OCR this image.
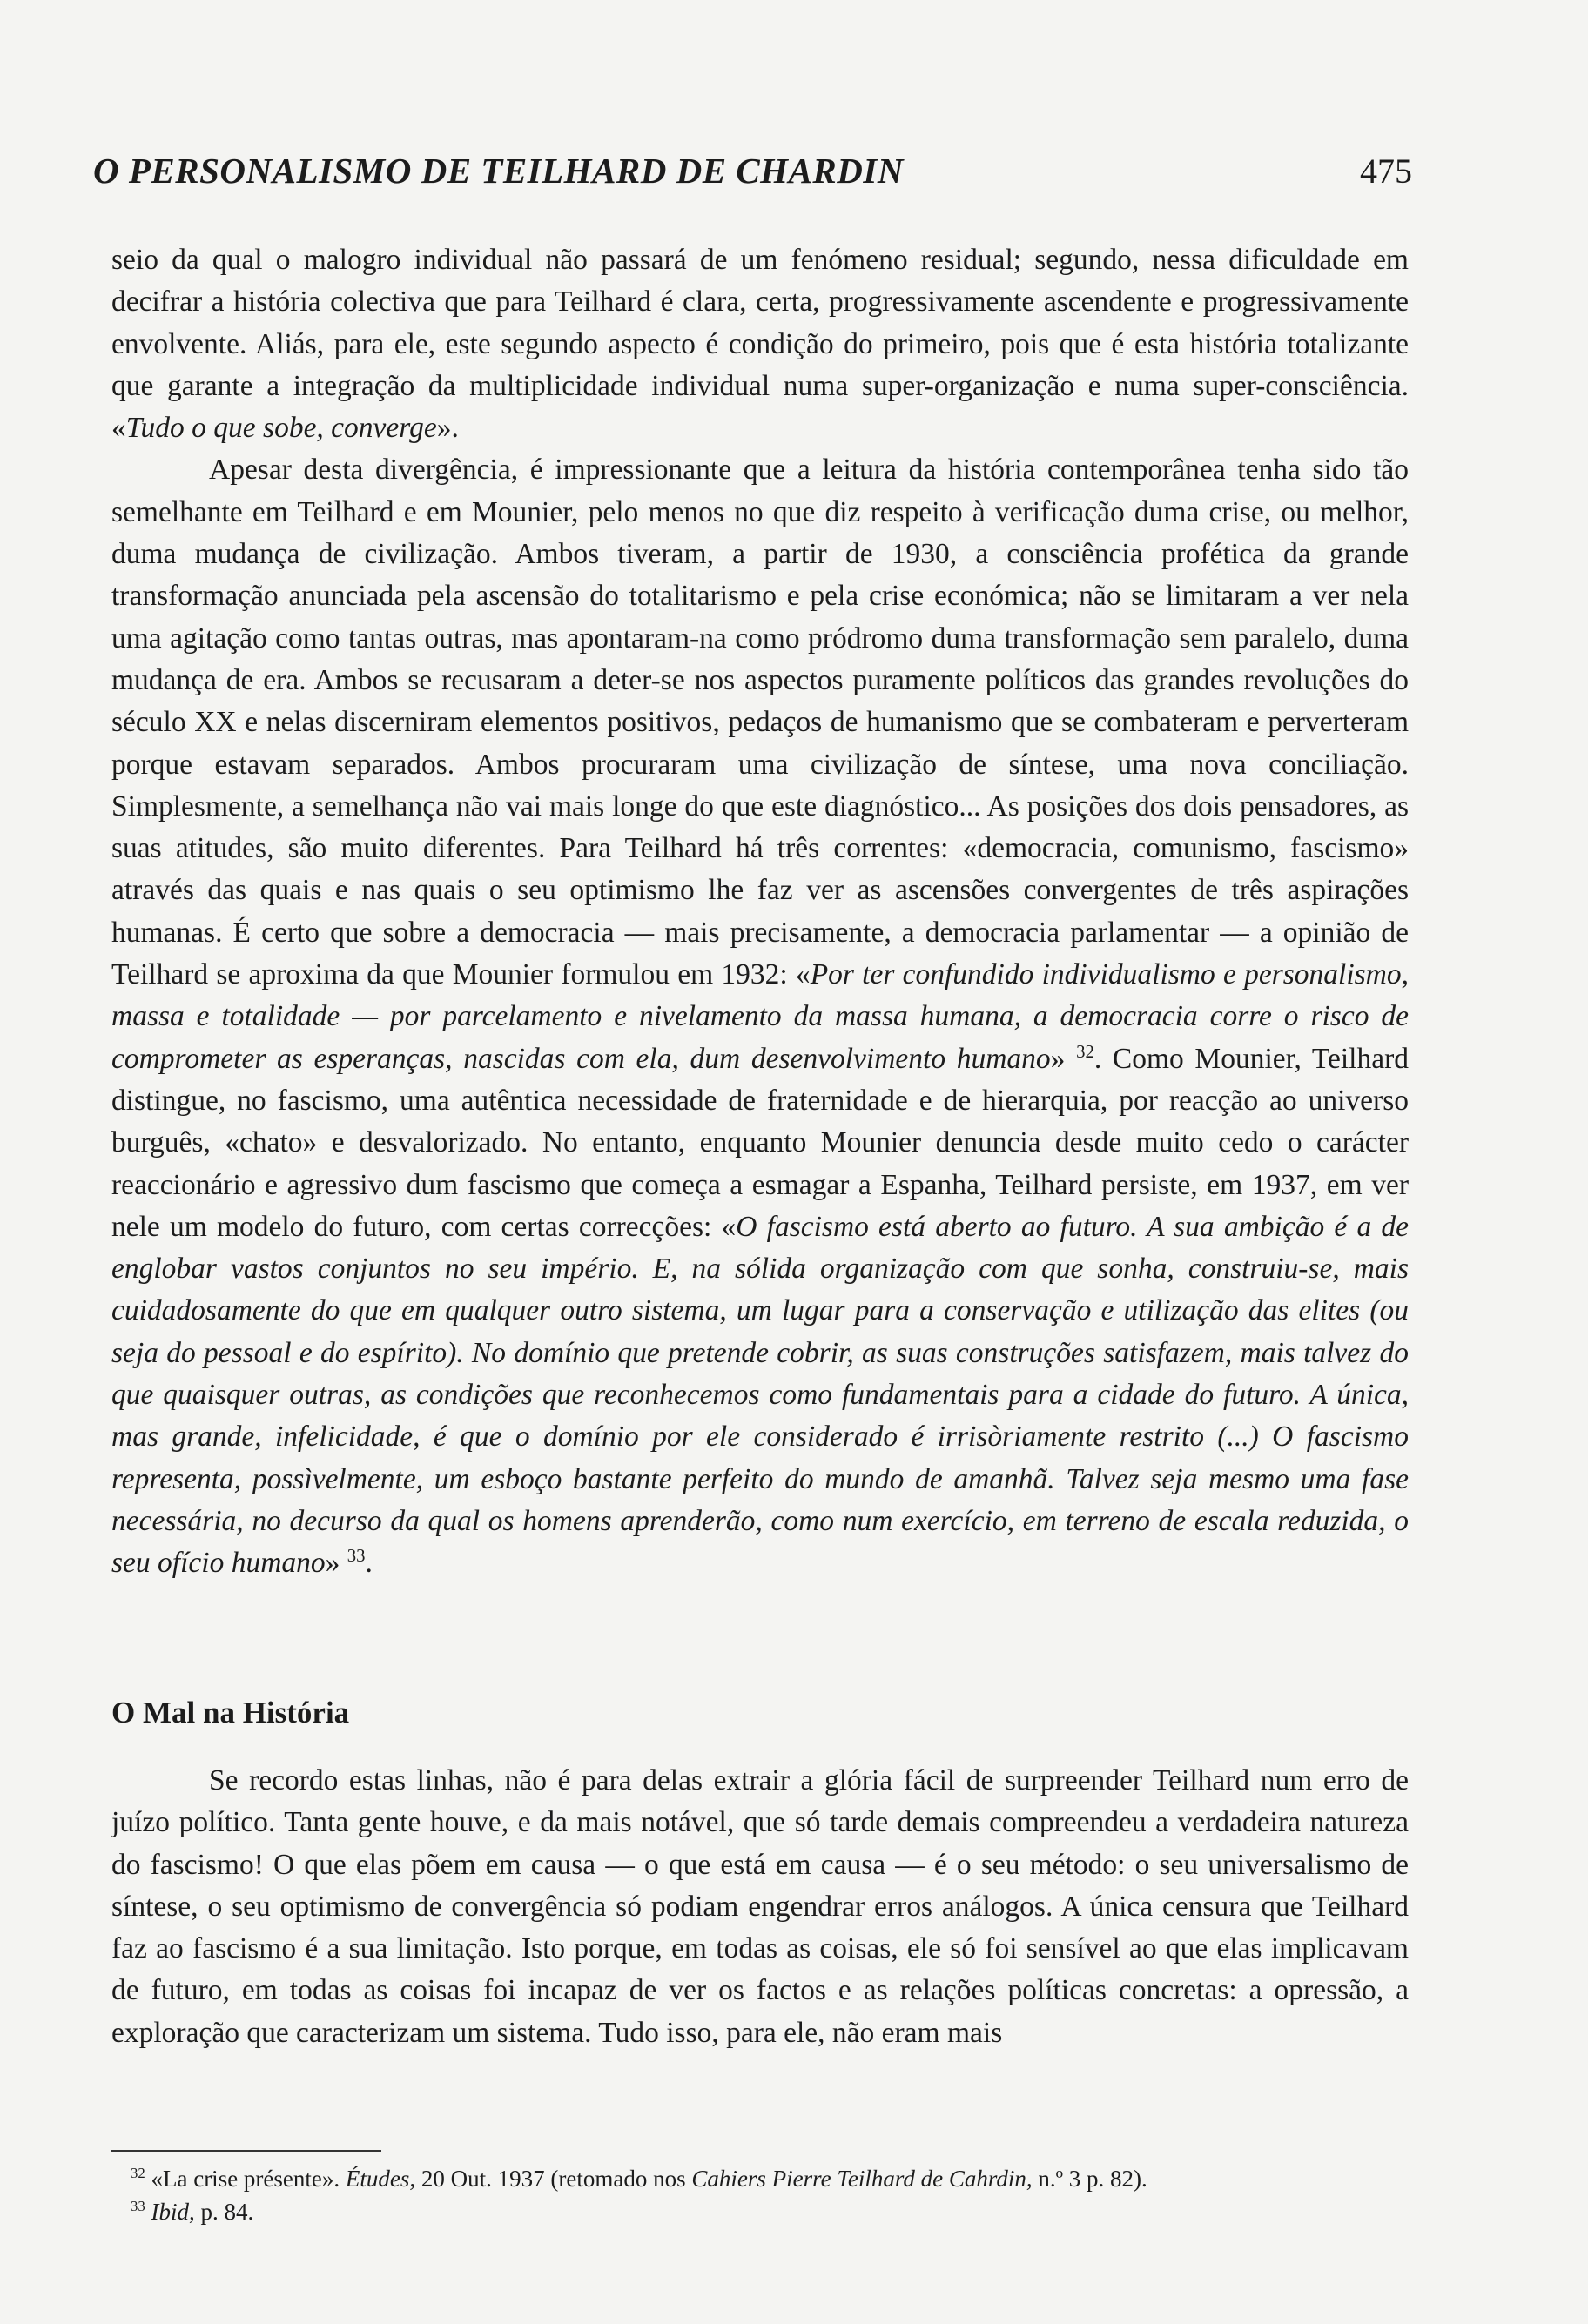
O PERSONALISMO DE TEILHARD DE CHARDIN	475

seio da qual o malogro individual não passará de um fenómeno residual; segundo, nessa dificuldade em decifrar a história colectiva que para Teilhard é clara, certa, progressivamente ascendente e progressivamente envolvente. Aliás, para ele, este segundo aspecto é condição do primeiro, pois que é esta história totalizante que garante a integração da multiplicidade individual numa super-organização e numa super-consciência. «Tudo o que sobe, converge».

Apesar desta divergência, é impressionante que a leitura da história contemporânea tenha sido tão semelhante em Teilhard e em Mounier, pelo menos no que diz respeito à verificação duma crise, ou melhor, duma mudança de civilização. Ambos tiveram, a partir de 1930, a consciência profética da grande transformação anunciada pela ascensão do totalitarismo e pela crise económica; não se limitaram a ver nela uma agitação como tantas outras, mas apontaram-na como pródromo duma transformação sem paralelo, duma mudança de era. Ambos se recusaram a deter-se nos aspectos puramente políticos das grandes revoluções do século XX e nelas discerniram elementos positivos, pedaços de humanismo que se combateram e perverteram porque estavam separados. Ambos procuraram uma civilização de síntese, uma nova conciliação. Simplesmente, a semelhança não vai mais longe do que este diagnóstico... As posições dos dois pensadores, as suas atitudes, são muito diferentes. Para Teilhard há três correntes: «democracia, comunismo, fascismo» através das quais e nas quais o seu optimismo lhe faz ver as ascensões convergentes de três aspirações humanas. É certo que sobre a democracia — mais precisamente, a democracia parlamentar — a opinião de Teilhard se aproxima da que Mounier formulou em 1932: «Por ter confundido individualismo e personalismo, massa e totalidade — por parcelamento e nivelamento da massa humana, a democracia corre o risco de comprometer as esperanças, nascidas com ela, dum desenvolvimento humano» $^{32}$. Como Mounier, Teilhard distingue, no fascismo, uma autêntica necessidade de fraternidade e de hierarquia, por reacção ao universo burguês, «chato» e desvalorizado. No entanto, enquanto Mounier denuncia desde muito cedo o carácter reaccionário e agressivo dum fascismo que começa a esmagar a Espanha, Teilhard persiste, em 1937, em ver nele um modelo do futuro, com certas correcções: «O fascismo está aberto ao futuro. A sua ambição é a de englobar vastos conjuntos no seu império. E, na sólida organização com que sonha, construiu-se, mais cuidadosamente do que em qualquer outro sistema, um lugar para a conservação e utilização das elites (ou seja do pessoal e do espírito). No domínio que pretende cobrir, as suas construções satisfazem, mais talvez do que quaisquer outras, as condições que reconhecemos como fundamentais para a cidade do futuro. A única, mas grande, infelicidade, é que o domínio por ele considerado é irrisòriamente restrito (...) O fascismo representa, possìvelmente, um esboço bastante perfeito do mundo de amanhã. Talvez seja mesmo uma fase necessária, no decurso da qual os homens aprenderão, como num exercício, em terreno de escala reduzida, o seu ofício humano» $^{33}$.

O Mal na História

Se recordo estas linhas, não é para delas extrair a glória fácil de surpreender Teilhard num erro de juízo político. Tanta gente houve, e da mais notável, que só tarde demais compreendeu a verdadeira natureza do fascismo! O que elas põem em causa — o que está em causa — é o seu método: o seu universalismo de síntese, o seu optimismo de convergência só podiam engendrar erros análogos. A única censura que Teilhard faz ao fascismo é a sua limitação. Isto porque, em todas as coisas, ele só foi sensível ao que elas implicavam de futuro, em todas as coisas foi incapaz de ver os factos e as relações políticas concretas: a opressão, a exploração que caracterizam um sistema. Tudo isso, para ele, não eram mais

$^{32}$ «La crise présente». Études, 20 Out. 1937 (retomado nos Cahiers Pierre Teilhard de Cahrdin, n.º 3 p. 82).

$^{33}$ Ibid, p. 84.
